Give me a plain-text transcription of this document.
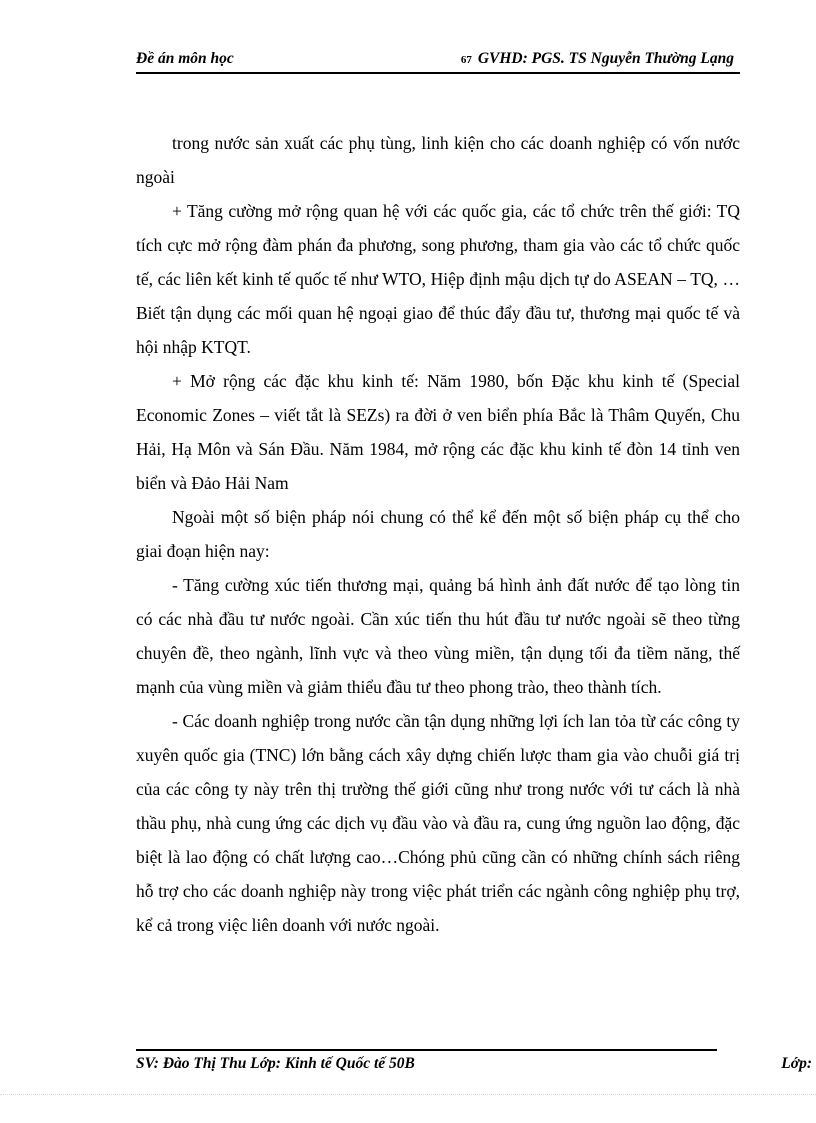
Đề án môn học	67 GVHD: PGS. TS Nguyễn Thường Lạng

trong nước sản xuất các phụ tùng, linh kiện cho các doanh nghiệp có vốn nước ngoài

+ Tăng cường mở rộng quan hệ với các quốc gia, các tổ chức trên thế giới: TQ tích cực mở rộng đàm phán đa phương, song phương, tham gia vào các tổ chức quốc tế, các liên kết kinh tế quốc tế như WTO, Hiệp định mậu dịch tự do ASEAN – TQ, … Biết tận dụng các mối quan hệ ngoại giao để thúc đẩy đầu tư, thương mại quốc tế và hội nhập KTQT.

+ Mở rộng các đặc khu kinh tế: Năm 1980, bốn Đặc khu kinh tế (Special Economic Zones – viết tắt là SEZs) ra đời ở ven biển phía Bắc là Thâm Quyến, Chu Hải, Hạ Môn và Sán Đầu. Năm 1984, mở rộng các đặc khu kinh tế đòn 14 tỉnh ven biển và Đảo Hải Nam

Ngoài một số biện pháp nói chung có thể kể đến một số biện pháp cụ thể cho giai đoạn hiện nay:

- Tăng cường xúc tiến thương mại, quảng bá hình ảnh đất nước để tạo lòng tin có các nhà đầu tư nước ngoài. Cần xúc tiến thu hút đầu tư nước ngoài sẽ theo từng chuyên đề, theo ngành, lĩnh vực và theo vùng miền, tận dụng tối đa tiềm năng, thế mạnh của vùng miền và giảm thiểu đầu tư theo phong trào, theo thành tích.

- Các doanh nghiệp trong nước cần tận dụng những lợi ích lan tỏa từ các công ty xuyên quốc gia (TNC) lớn bằng cách xây dựng chiến lược tham gia vào chuỗi giá trị của các công ty này trên thị trường thế giới cũng như trong nước với tư cách là nhà thầu phụ, nhà cung ứng các dịch vụ đầu vào và đầu ra, cung ứng nguồn lao động, đặc biệt là lao động có chất lượng cao…Chóng phủ cũng cần có những chính sách riêng hỗ trợ cho các doanh nghiệp này trong việc phát triển các ngành công nghiệp phụ trợ, kể cả trong việc liên doanh với nước ngoài.

SV: Đào Thị Thu Lớp: Kinh tế Quốc tế 50B	Lớp:
